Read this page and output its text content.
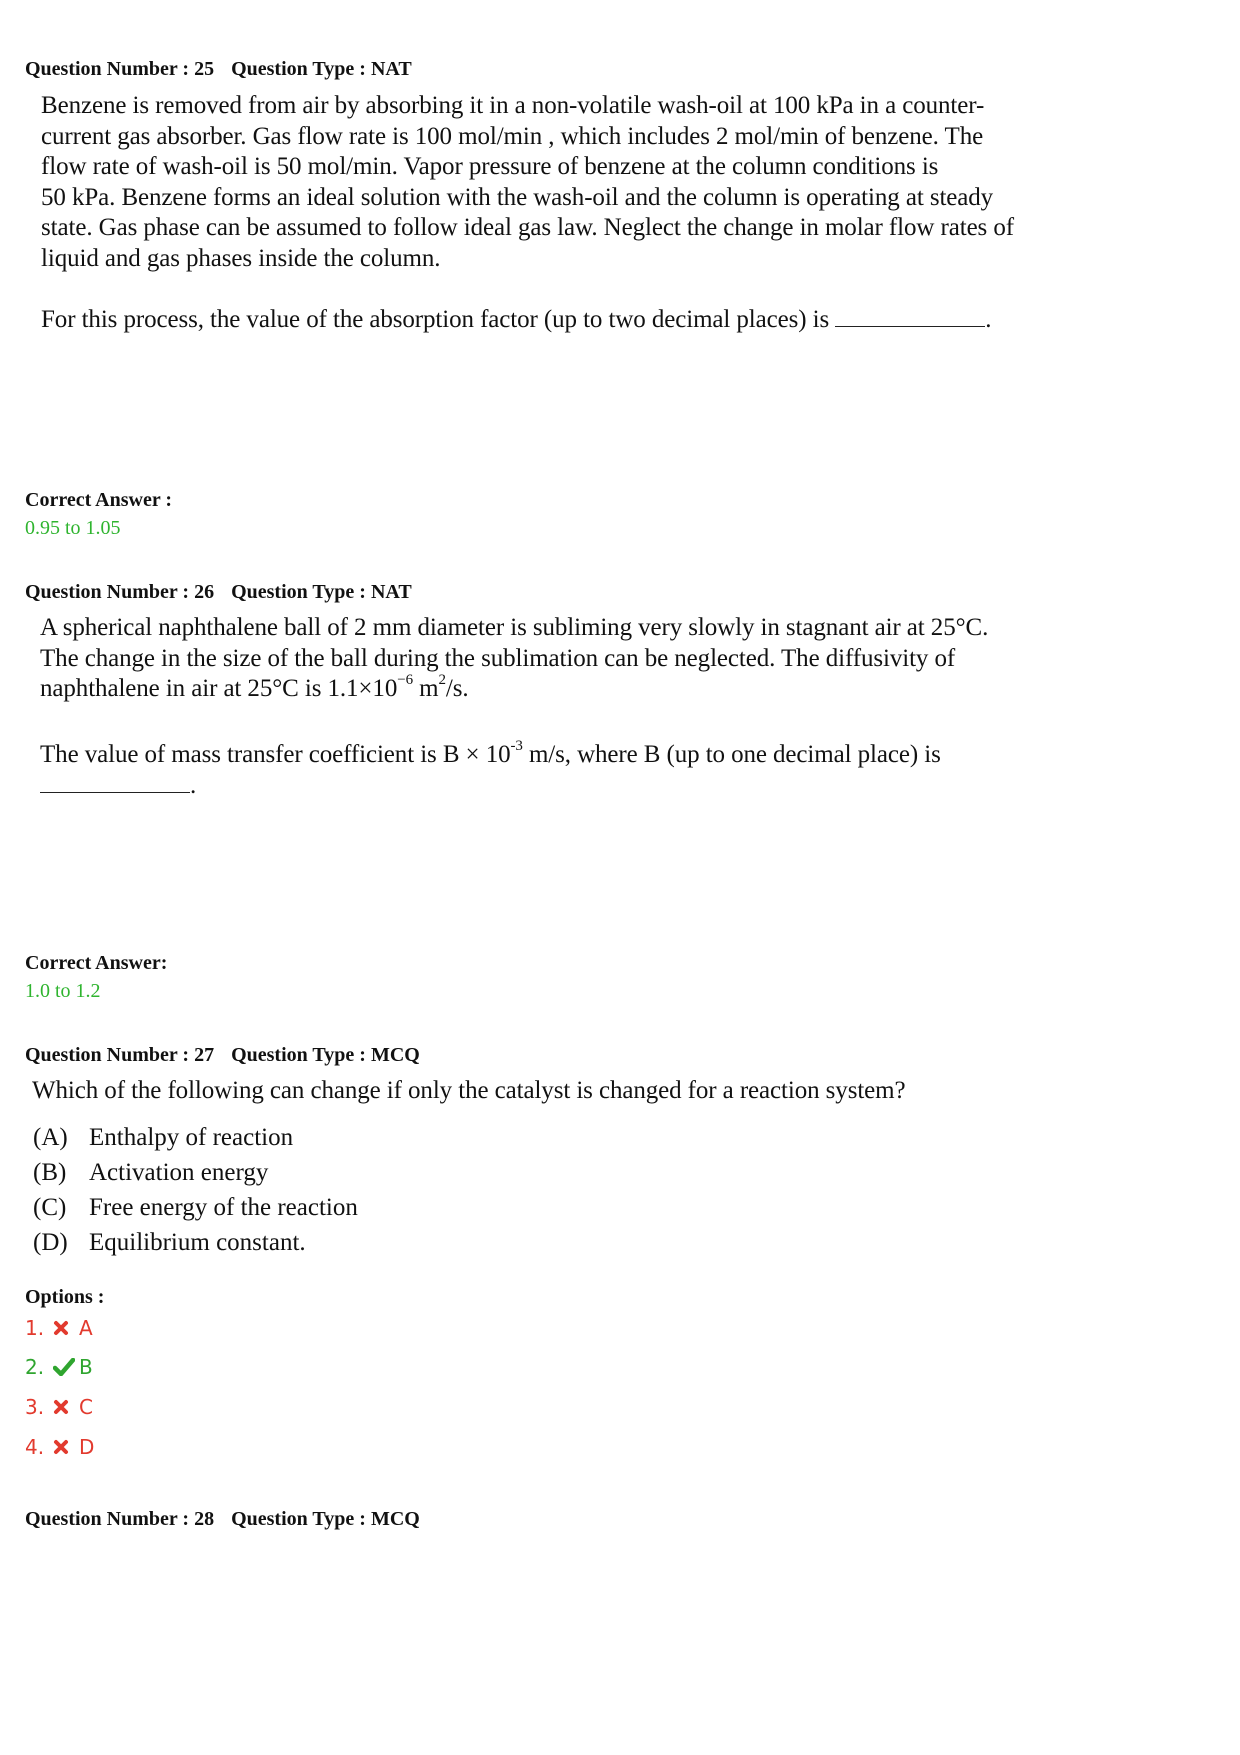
Question Number : 25 Question Type : NAT
Benzene is removed from air by absorbing it in a non-volatile wash-oil at 100 kPa in a counter-
current gas absorber. Gas flow rate is 100 mol/min , which includes 2 mol/min of benzene. The
flow rate of wash-oil is 50 mol/min. Vapor pressure of benzene at the column conditions is
50 kPa. Benzene forms an ideal solution with the wash-oil and the column is operating at steady
state. Gas phase can be assumed to follow ideal gas law. Neglect the change in molar flow rates of
liquid and gas phases inside the column.
For this process, the value of the absorption factor (up to two decimal places) is	.
Correct Answer :
0.95 to 1.05
Question Number : 26 Question Type : NAT
A spherical naphthalene ball of 2 mm diameter is subliming very slowly in stagnant air at 25°C.
The change in the size of the ball during the sublimation can be neglected. The diffusivity of
naphthalene in air at 25°C is $1.1\times 10^{-6}$ $m^2/s$.
The value of mass transfer coefficient is $B \times 10^{-3}$ m/s, where B (up to one decimal place) is
.
Correct Answer:
1.0 to 1.2
Question Number : 27 Question Type : MCQ
Which of the following can change if only the catalyst is changed for a reaction system?
(A) Enthalpy of reaction
(B) Activation energy
(C) Free energy of the reaction
(D) Equilibrium constant.
Options :
1.	A
2.	B
3.	C
4.	D
Question Number : 28 Question Type : MCQ
